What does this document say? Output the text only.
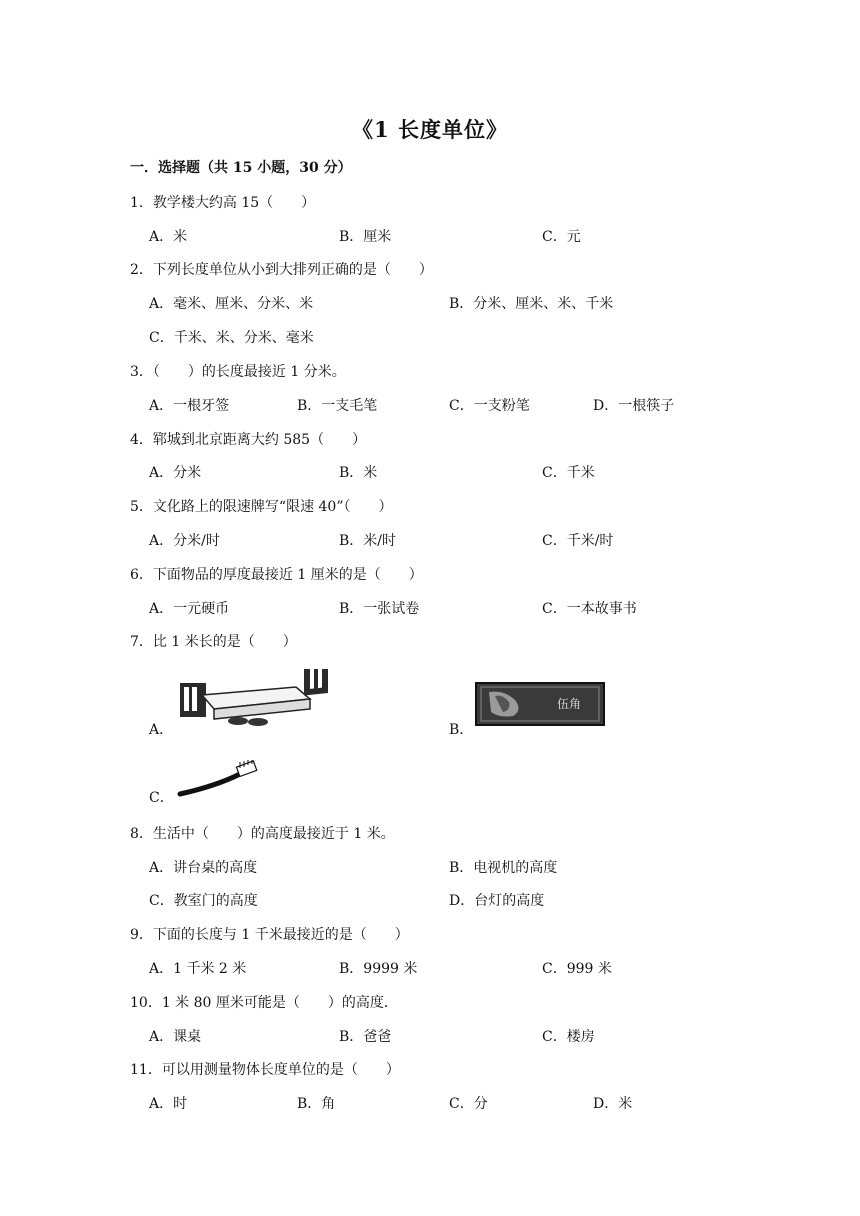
《1 长度单位》
一．选择题（共 15 小题，30 分）
1．教学楼大约高 15（　　）
A．米	B．厘米	C．元
2．下列长度单位从小到大排列正确的是（　　）
A．毫米、厘米、分米、米	B．分米、厘米、米、千米
C．千米、米、分米、毫米
3．（　　）的长度最接近 1 分米。
A．一根牙签	B．一支毛笔	C．一支粉笔	D．一根筷子
4．郓城到北京距离大约 585（　　）
A．分米	B．米	C．千米
5．文化路上的限速牌写“限速 40”（　　）
A．分米/时	B．米/时	C．千米/时
6．下面物品的厚度最接近 1 厘米的是（　　）
A．一元硬币	B．一张试卷	C．一本故事书
7．比 1 米长的是（　　）
A．	B．
伍角
C．
8．生活中（　　）的高度最接近于 1 米。
A．讲台桌的高度	B．电视机的高度
C．教室门的高度	D．台灯的高度
9．下面的长度与 1 千米最接近的是（　　）
A．1 千米 2 米	B．9999 米	C．999 米
10．1 米 80 厘米可能是（　　）的高度．
A．课桌	B．爸爸	C．楼房
11．可以用测量物体长度单位的是（　　）
A．时	B．角	C．分	D．米
